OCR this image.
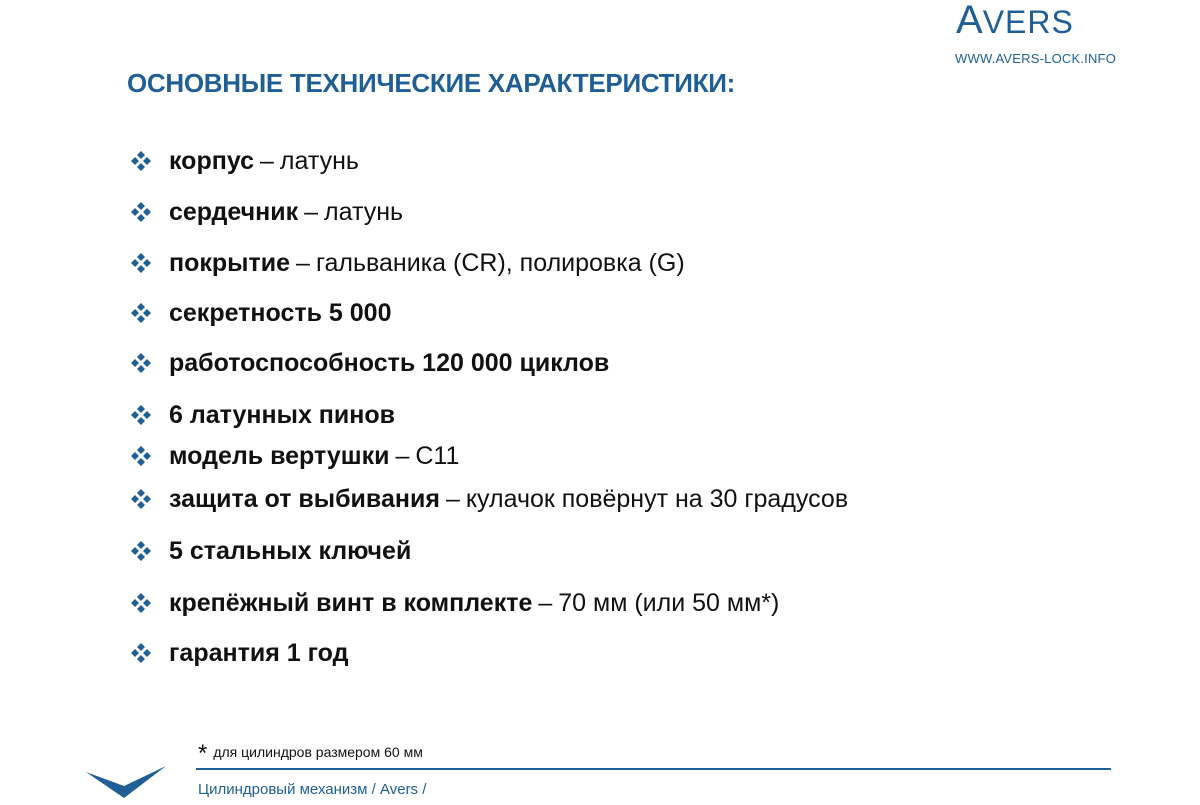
AVERS
WWW.AVERS-LOCK.INFO
ОСНОВНЫЕ ТЕХНИЧЕСКИЕ ХАРАКТЕРИСТИКИ:
корпус – латунь
сердечник – латунь
покрытие – гальваника (CR), полировка (G)
секретность 5 000
работоспособность 120 000 циклов
6 латунных пинов
модель вертушки – С11
защита от выбивания – кулачок повёрнут на 30 градусов
5 стальных ключей
крепёжный винт в комплекте – 70 мм (или 50 мм*)
гарантия 1 год
* для цилиндров размером 60 мм
Цилиндровый механизм / Avers /
